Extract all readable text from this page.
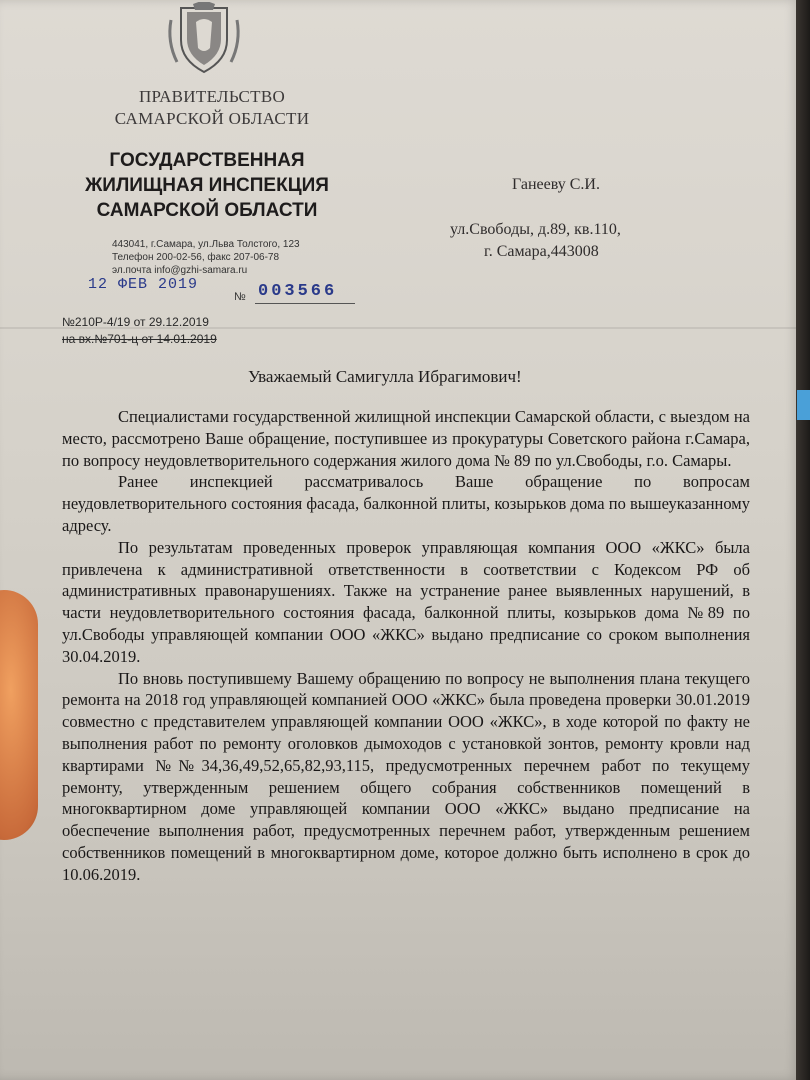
ПРАВИТЕЛЬСТВО
САМАРСКОЙ ОБЛАСТИ
ГОСУДАРСТВЕННАЯ
ЖИЛИЩНАЯ ИНСПЕКЦИЯ
САМАРСКОЙ ОБЛАСТИ
443041, г.Самара, ул.Льва Толстого, 123
Телефон 200-02-56, факс 207-06-78
эл.почта info@gzhi-samara.ru
12 ФЕВ 2019
№ 003566
№210Р-4/19 от 29.12.2019
на вх.№701-ц от 14.01.2019
Ганееву С.И.
ул.Свободы, д.89, кв.110,
г. Самара,443008
Уважаемый Самигулла Ибрагимович!

Специалистами государственной жилищной инспекции Самарской области, с выездом на место, рассмотрено Ваше обращение, поступившее из прокуратуры Советского района г.Самара, по вопросу неудовлетворительного содержания жилого дома № 89 по ул.Свободы, г.о. Самары.

Ранее инспекцией рассматривалось Ваше обращение по вопросам неудовлетворительного состояния фасада, балконной плиты, козырьков дома по вышеуказанному адресу.

По результатам проведенных проверок управляющая компания ООО «ЖКС» была привлечена к административной ответственности в соответствии с Кодексом РФ об административных правонарушениях. Также на устранение ранее выявленных нарушений, в части неудовлетворительного состояния фасада, балконной плиты, козырьков дома №89 по ул.Свободы управляющей компании ООО «ЖКС» выдано предписание со сроком выполнения 30.04.2019.

По вновь поступившему Вашему обращению по вопросу не выполнения плана текущего ремонта на 2018 год управляющей компанией ООО «ЖКС» была проведена проверки 30.01.2019 совместно с представителем управляющей компании ООО «ЖКС», в ходе которой по факту не выполнения работ по ремонту оголовков дымоходов с установкой зонтов, ремонту кровли над квартирами №№34,36,49,52,65,82,93,115, предусмотренных перечнем работ по текущему ремонту, утвержденным решением общего собрания собственников помещений в многоквартирном доме управляющей компании ООО «ЖКС» выдано предписание на обеспечение выполнения работ, предусмотренных перечнем работ, утвержденным решением собственников помещений в многоквартирном доме, которое должно быть исполнено в срок до 10.06.2019.
